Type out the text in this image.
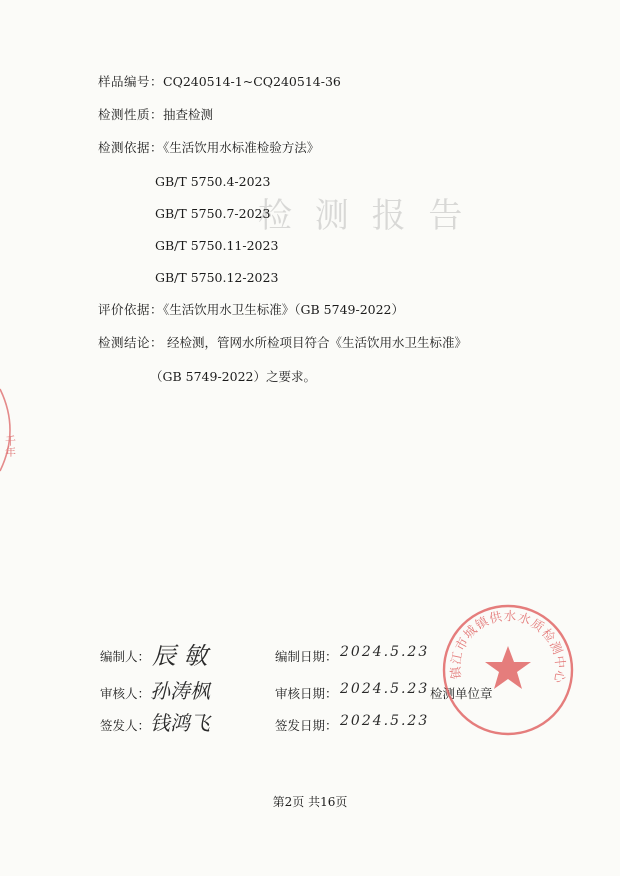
检 测 报 告
样品编号：CQ240514-1~CQ240514-36
检测性质：抽查检测
检测依据：《生活饮用水标准检验方法》
GB/T 5750.4-2023
GB/T 5750.7-2023
GB/T 5750.11-2023
GB/T 5750.12-2023
评价依据：《生活饮用水卫生标准》（GB 5749-2022）
检测结论： 经检测，管网水所检项目符合《生活饮用水卫生标准》
（GB 5749-2022）之要求。
千年
编制人： 辰 敏	编制日期： 2024.5.23
审核人： 孙涛枫	审核日期： 2024.5.23 检测单位章
签发人： 钱鸿飞	签发日期： 2024.5.23
镇江市城镇供水水质检测中心
第2页 共16页
